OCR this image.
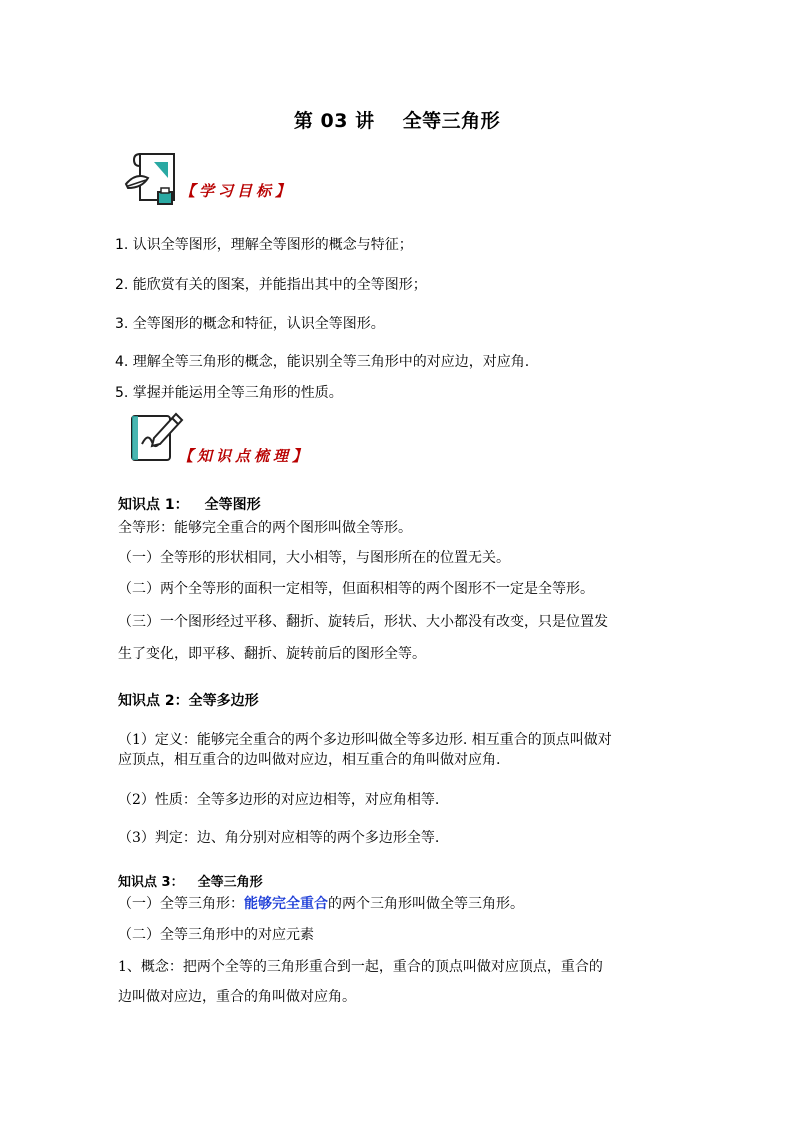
第 03 讲 全等三角形
【学习目标】
1. 认识全等图形，理解全等图形的概念与特征；
2. 能欣赏有关的图案，并能指出其中的全等图形；
3. 全等图形的概念和特征，认识全等图形。
4. 理解全等三角形的概念，能识别全等三角形中的对应边，对应角.
5. 掌握并能运用全等三角形的性质。
【知识点梳理】
知识点 1： 全等图形
全等形：能够完全重合的两个图形叫做全等形。
（一）全等形的形状相同，大小相等，与图形所在的位置无关。
（二）两个全等形的面积一定相等，但面积相等的两个图形不一定是全等形。
（三）一个图形经过平移、翻折、旋转后，形状、大小都没有改变，只是位置发
生了变化，即平移、翻折、旋转前后的图形全等。
知识点 2：全等多边形
（1）定义：能够完全重合的两个多边形叫做全等多边形. 相互重合的顶点叫做对
应顶点，相互重合的边叫做对应边，相互重合的角叫做对应角.
（2）性质：全等多边形的对应边相等，对应角相等.
（3）判定：边、角分别对应相等的两个多边形全等.
知识点 3： 全等三角形
（一）全等三角形：能够完全重合的两个三角形叫做全等三角形。
（二）全等三角形中的对应元素
1、概念：把两个全等的三角形重合到一起，重合的顶点叫做对应顶点，重合的
边叫做对应边，重合的角叫做对应角。
